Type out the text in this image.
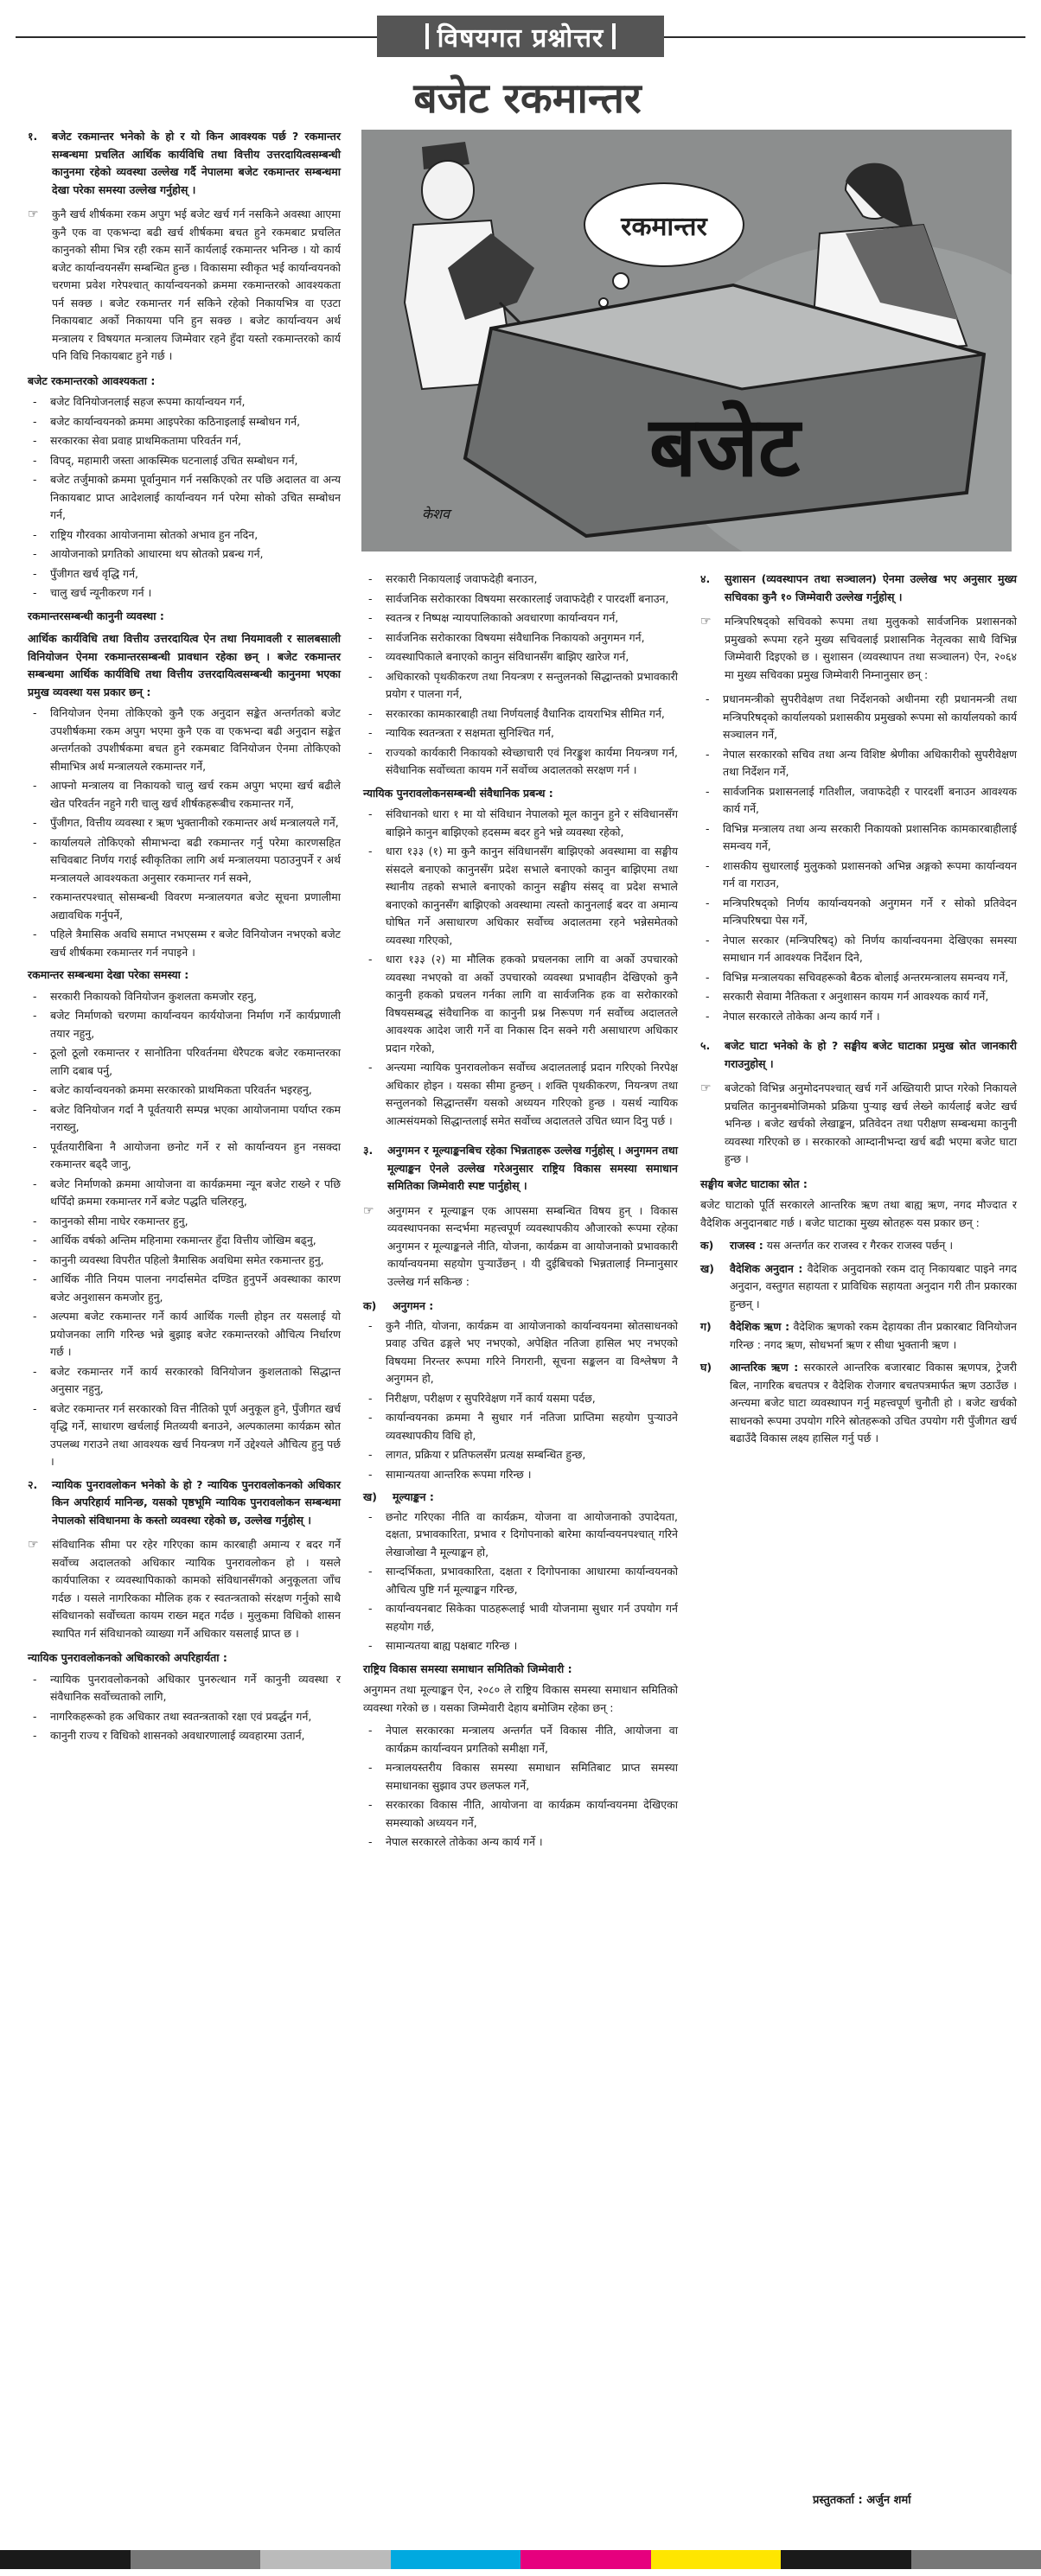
विषयगत प्रश्नोत्तर
बजेट रकमान्तर
रकमान्तर
बजेट
केशव
१.	बजेट रकमान्तर भनेको के हो र यो किन आवश्यक पर्छ ? रकमान्तर सम्बन्धमा प्रचलित आर्थिक कार्यविधि तथा वित्तीय उत्तरदायित्वसम्बन्धी कानुनमा रहेको व्यवस्था उल्लेख गर्दै नेपालमा बजेट रकमान्तर सम्बन्धमा देखा परेका समस्या उल्लेख गर्नुहोस् ।
☞	कुनै खर्च शीर्षकमा रकम अपुग भई बजेट खर्च गर्न नसकिने अवस्था आएमा कुनै एक वा एकभन्दा बढी खर्च शीर्षकमा बचत हुने रकमबाट प्रचलित कानुनको सीमा भित्र रही रकम सार्ने कार्यलाई रकमान्तर भनिन्छ । यो कार्य बजेट कार्यान्वयनसँग सम्बन्धित हुन्छ । विकासमा स्वीकृत भई कार्यान्वयनको चरणमा प्रवेश गरेपश्चात् कार्यान्वयनको क्रममा रकमान्तरको आवश्यकता पर्न सक्छ । बजेट रकमान्तर गर्न सकिने रहेको निकायभित्र वा एउटा निकायबाट अर्को निकायमा पनि हुन सक्छ । बजेट कार्यान्वयन अर्थ मन्त्रालय र विषयगत मन्त्रालय जिम्मेवार रहने हुँदा यस्तो रकमान्तरको कार्य पनि विधि निकायबाट हुने गर्छ ।
बजेट रकमान्तरको आवश्यकता :
- बजेट विनियोजनलाई सहज रूपमा कार्यान्वयन गर्न,
- बजेट कार्यान्वयनको क्रममा आइपरेका कठिनाइलाई सम्बोधन गर्न,
- सरकारका सेवा प्रवाह प्राथमिकतामा परिवर्तन गर्न,
- विपद्, महामारी जस्ता आकस्मिक घटनालाई उचित सम्बोधन गर्न,
- बजेट तर्जुमाको क्रममा पूर्वानुमान गर्न नसकिएको तर पछि अदालत वा अन्य निकायबाट प्राप्त आदेशलाई कार्यान्वयन गर्न परेमा सोको उचित सम्बोधन गर्न,
- राष्ट्रिय गौरवका आयोजनामा स्रोतको अभाव हुन नदिन,
- आयोजनाको प्रगतिको आधारमा थप स्रोतको प्रबन्ध गर्न,
- पुँजीगत खर्च वृद्धि गर्न,
- चालु खर्च न्यूनीकरण गर्न ।
रकमान्तरसम्बन्धी कानुनी व्यवस्था :
आर्थिक कार्यविधि तथा वित्तीय उत्तरदायित्व ऐन तथा नियमावली र सालबसाली विनियोजन ऐनमा रकमान्तरसम्बन्धी प्रावधान रहेका छन् । बजेट रकमान्तर सम्बन्धमा आर्थिक कार्यविधि तथा वित्तीय उत्तरदायित्वसम्बन्धी कानुनमा भएका प्रमुख व्यवस्था यस प्रकार छन् :
- विनियोजन ऐनमा तोकिएको कुनै एक अनुदान सङ्केत अन्तर्गतको बजेट उपशीर्षकमा रकम अपुग भएमा कुनै एक वा एकभन्दा बढी अनुदान सङ्केत अन्तर्गतको उपशीर्षकमा बचत हुने रकमबाट विनियोजन ऐनमा तोकिएको सीमाभित्र अर्थ मन्त्रालयले रकमान्तर गर्ने,
- आफ्नो मन्त्रालय वा निकायको चालु खर्च रकम अपुग भएमा खर्च बढीले खेत परिवर्तन नहुने गरी चालु खर्च शीर्षकहरूबीच रकमान्तर गर्ने,
- पुँजीगत, वित्तीय व्यवस्था र ऋण भुक्तानीको रकमान्तर अर्थ मन्त्रालयले गर्ने,
- कार्यालयले तोकिएको सीमाभन्दा बढी रकमान्तर गर्नु परेमा कारणसहित सचिवबाट निर्णय गराई स्वीकृतिका लागि अर्थ मन्त्रालयमा पठाउनुपर्ने र अर्थ मन्त्रालयले आवश्यकता अनुसार रकमान्तर गर्न सक्ने,
- रकमान्तरपश्चात् सोसम्बन्धी विवरण मन्त्रालयगत बजेट सूचना प्रणालीमा अद्यावधिक गर्नुपर्ने,
- पहिले त्रैमासिक अवधि समाप्त नभएसम्म र बजेट विनियोजन नभएको बजेट खर्च शीर्षकमा रकमान्तर गर्न नपाइने ।
रकमान्तर सम्बन्धमा देखा परेका समस्या :
- सरकारी निकायको विनियोजन कुशलता कमजोर रहनु,
- बजेट निर्माणको चरणमा कार्यान्वयन कार्ययोजना निर्माण गर्ने कार्यप्रणाली तयार नहुनु,
- ठूलो ठूलो रकमान्तर र सानोतिना परिवर्तनमा धेरैपटक बजेट रकमान्तरका लागि दबाब पर्नु,
- बजेट कार्यान्वयनको क्रममा सरकारको प्राथमिकता परिवर्तन भइरहनु,
- बजेट विनियोजन गर्दा नै पूर्वतयारी सम्पन्न भएका आयोजनामा पर्याप्त रकम नराख्नु,
- पूर्वतयारीबिना नै आयोजना छनोट गर्ने र सो कार्यान्वयन हुन नसक्दा रकमान्तर बढ्दै जानु,
- बजेट निर्माणको क्रममा आयोजना वा कार्यक्रममा न्यून बजेट राख्ने र पछि थपिँदो क्रममा रकमान्तर गर्ने बजेट पद्धति चलिरहनु,
- कानुनको सीमा नाघेर रकमान्तर हुनु,
- आर्थिक वर्षको अन्तिम महिनामा रकमान्तर हुँदा वित्तीय जोखिम बढ्नु,
- कानुनी व्यवस्था विपरीत पहिलो त्रैमासिक अवधिमा समेत रकमान्तर हुनु,
- आर्थिक नीति नियम पालना नगर्दासमेत दण्डित हुनुपर्ने अवस्थाका कारण बजेट अनुशासन कमजोर हुनु,
- अल्पमा बजेट रकमान्तर गर्ने कार्य आर्थिक गल्ती होइन तर यसलाई यो प्रयोजनका लागि गरिन्छ भन्ने बुझाइ बजेट रकमान्तरको औचित्य निर्धारण गर्छ ।
- बजेट रकमान्तर गर्ने कार्य सरकारको विनियोजन कुशलताको सिद्धान्त अनुसार नहुनु,
- बजेट रकमान्तर गर्न सरकारको वित्त नीतिको पूर्ण अनुकूल हुने, पुँजीगत खर्च वृद्धि गर्ने, साधारण खर्चलाई मितव्ययी बनाउने, अल्पकालमा कार्यक्रम स्रोत उपलब्ध गराउने तथा आवश्यक खर्च नियन्त्रण गर्ने उद्देश्यले औचित्य हुनु पर्छ ।
२.	न्यायिक पुनरावलोकन भनेको के हो ? न्यायिक पुनरावलोकनको अधिकार किन अपरिहार्य मानिन्छ, यसको पृष्ठभूमि न्यायिक पुनरावलोकन सम्बन्धमा नेपालको संविधानमा के कस्तो व्यवस्था रहेको छ, उल्लेख गर्नुहोस् ।
☞	संविधानिक सीमा पर रहेर गरिएका काम कारबाही अमान्य र बदर गर्ने सर्वोच्च अदालतको अधिकार न्यायिक पुनरावलोकन हो । यसले कार्यपालिका र व्यवस्थापिकाको कामको संविधानसँगको अनुकूलता जाँच गर्दछ । यसले नागरिकका मौलिक हक र स्वतन्त्रताको संरक्षण गर्नुको साथै संविधानको सर्वोच्चता कायम राख्न मद्दत गर्दछ । मुलुकमा विधिको शासन स्थापित गर्न संविधानको व्याख्या गर्ने अधिकार यसलाई प्राप्त छ ।
न्यायिक पुनरावलोकनको अधिकारको अपरिहार्यता :
- न्यायिक पुनरावलोकनको अधिकार पुनरुत्थान गर्ने कानुनी व्यवस्था र संवैधानिक सर्वोच्चताको लागि,
- नागरिकहरूको हक अधिकार तथा स्वतन्त्रताको रक्षा एवं प्रवर्द्धन गर्न,
- कानुनी राज्य र विधिको शासनको अवधारणालाई व्यवहारमा उतार्न,
- सरकारी निकायलाई जवाफदेही बनाउन,
- सार्वजनिक सरोकारका विषयमा सरकारलाई जवाफदेही र पारदर्शी बनाउन,
- स्वतन्त्र र निष्पक्ष न्यायपालिकाको अवधारणा कार्यान्वयन गर्न,
- सार्वजनिक सरोकारका विषयमा संवैधानिक निकायको अनुगमन गर्न,
- व्यवस्थापिकाले बनाएको कानुन संविधानसँग बाझिए खारेज गर्न,
- अधिकारको पृथकीकरण तथा नियन्त्रण र सन्तुलनको सिद्धान्तको प्रभावकारी प्रयोग र पालना गर्न,
- सरकारका कामकारबाही तथा निर्णयलाई वैधानिक दायराभित्र सीमित गर्न,
- न्यायिक स्वतन्त्रता र सक्षमता सुनिश्चित गर्न,
- राज्यको कार्यकारी निकायको स्वेच्छाचारी एवं निरङ्कुश कार्यमा नियन्त्रण गर्न, संवैधानिक सर्वोच्चता कायम गर्ने सर्वोच्च अदालतको सरक्षण गर्न ।
न्यायिक पुनरावलोकनसम्बन्धी संवैधानिक प्रबन्ध :
- संविधानको धारा १ मा यो संविधान नेपालको मूल कानुन हुने र संविधानसँग बाझिने कानुन बाझिएको हदसम्म बदर हुने भन्ने व्यवस्था रहेको,
- धारा १३३ (१) मा कुनै कानुन संविधानसँग बाझिएको अवस्थामा वा सङ्घीय संसदले बनाएको कानुनसँग प्रदेश सभाले बनाएको कानुन बाझिएमा तथा स्थानीय तहको सभाले बनाएको कानुन सङ्घीय संसद् वा प्रदेश सभाले बनाएको कानुनसँग बाझिएको अवस्थामा त्यस्तो कानुनलाई बदर वा अमान्य घोषित गर्ने असाधारण अधिकार सर्वोच्च अदालतमा रहने भन्नेसमेतको व्यवस्था गरिएको,
- धारा १३३ (२) मा मौलिक हकको प्रचलनका लागि वा अर्को उपचारको व्यवस्था नभएको वा अर्को उपचारको व्यवस्था प्रभावहीन देखिएको कुनै कानुनी हकको प्रचलन गर्नका लागि वा सार्वजनिक हक वा सरोकारको विषयसम्बद्ध संवैधानिक वा कानुनी प्रश्न निरूपण गर्न सर्वोच्च अदालतले आवश्यक आदेश जारी गर्ने वा निकास दिन सक्ने गरी असाधारण अधिकार प्रदान गरेको,
- अन्त्यमा न्यायिक पुनरावलोकन सर्वोच्च अदालतलाई प्रदान गरिएको निरपेक्ष अधिकार होइन । यसका सीमा हुन्छन् । शक्ति पृथकीकरण, नियन्त्रण तथा सन्तुलनको सिद्धान्तसँग यसको अध्ययन गरिएको हुन्छ । यसर्थ न्यायिक आत्मसंयमको सिद्धान्तलाई समेत सर्वोच्च अदालतले उचित ध्यान दिनु पर्छ ।
३.	अनुगमन र मूल्याङ्कनबिच रहेका भिन्नताहरू उल्लेख गर्नुहोस् । अनुगमन तथा मूल्याङ्कन ऐनले उल्लेख गरेअनुसार राष्ट्रिय विकास समस्या समाधान समितिका जिम्मेवारी स्पष्ट पार्नुहोस् ।
☞	अनुगमन र मूल्याङ्कन एक आपसमा सम्बन्धित विषय हुन् । विकास व्यवस्थापनका सन्दर्भमा महत्त्वपूर्ण व्यवस्थापकीय औजारको रूपमा रहेका अनुगमन र मूल्याङ्कनले नीति, योजना, कार्यक्रम वा आयोजनाको प्रभावकारी कार्यान्वयनमा सहयोग पुर्‍याउँछन् । यी दुईबिचको भिन्नतालाई निम्नानुसार उल्लेख गर्न सकिन्छ :
क)	अनुगमन :
- कुनै नीति, योजना, कार्यक्रम वा आयोजनाको कार्यान्वयनमा स्रोतसाधनको प्रवाह उचित ढङ्गले भए नभएको, अपेक्षित नतिजा हासिल भए नभएको विषयमा निरन्तर रूपमा गरिने निगरानी, सूचना सङ्कलन वा विश्लेषण नै अनुगमन हो,
- निरीक्षण, परीक्षण र सुपरिवेक्षण गर्ने कार्य यसमा पर्दछ,
- कार्यान्वयनका क्रममा नै सुधार गर्न नतिजा प्राप्तिमा सहयोग पुर्‍याउने व्यवस्थापकीय विधि हो,
- लागत, प्रक्रिया र प्रतिफलसँग प्रत्यक्ष सम्बन्धित हुन्छ,
- सामान्यतया आन्तरिक रूपमा गरिन्छ ।
ख)	मूल्याङ्कन :
- छनोट गरिएका नीति वा कार्यक्रम, योजना वा आयोजनाको उपादेयता, दक्षता, प्रभावकारिता, प्रभाव र दिगोपनाको बारेमा कार्यान्वयनपश्चात् गरिने लेखाजोखा नै मूल्याङ्कन हो,
- सान्दर्भिकता, प्रभावकारिता, दक्षता र दिगोपनाका आधारमा कार्यान्वयनको औचित्य पुष्टि गर्न मूल्याङ्कन गरिन्छ,
- कार्यान्वयनबाट सिकेका पाठहरूलाई भावी योजनामा सुधार गर्न उपयोग गर्न सहयोग गर्छ,
- सामान्यतया बाह्य पक्षबाट गरिन्छ ।
राष्ट्रिय विकास समस्या समाधान समितिको जिम्मेवारी :
अनुगमन तथा मूल्याङ्कन ऐन, २०८० ले राष्ट्रिय विकास समस्या समाधान समितिको व्यवस्था गरेको छ । यसका जिम्मेवारी देहाय बमोजिम रहेका छन् :
- नेपाल सरकारका मन्त्रालय अन्तर्गत पर्ने विकास नीति, आयोजना वा कार्यक्रम कार्यान्वयन प्रगतिको समीक्षा गर्ने,
- मन्त्रालयस्तरीय विकास समस्या समाधान समितिबाट प्राप्त समस्या समाधानका सुझाव उपर छलफल गर्ने,
- सरकारका विकास नीति, आयोजना वा कार्यक्रम कार्यान्वयनमा देखिएका समस्याको अध्ययन गर्ने,
- नेपाल सरकारले तोकेका अन्य कार्य गर्ने ।
४.	सुशासन (व्यवस्थापन तथा सञ्चालन) ऐनमा उल्लेख भए अनुसार मुख्य सचिवका कुनै १० जिम्मेवारी उल्लेख गर्नुहोस् ।
☞	मन्त्रिपरिषद्को सचिवको रूपमा तथा मुलुकको सार्वजनिक प्रशासनको प्रमुखको रूपमा रहने मुख्य सचिवलाई प्रशासनिक नेतृत्वका साथै विभिन्न जिम्मेवारी दिइएको छ । सुशासन (व्यवस्थापन तथा सञ्चालन) ऐन, २०६४ मा मुख्य सचिवका प्रमुख जिम्मेवारी निम्नानुसार छन् :
- प्रधानमन्त्रीको सुपरीवेक्षण तथा निर्देशनको अधीनमा रही प्रधानमन्त्री तथा मन्त्रिपरिषद्को कार्यालयको प्रशासकीय प्रमुखको रूपमा सो कार्यालयको कार्य सञ्चालन गर्ने,
- नेपाल सरकारको सचिव तथा अन्य विशिष्ट श्रेणीका अधिकारीको सुपरीवेक्षण तथा निर्देशन गर्ने,
- सार्वजनिक प्रशासनलाई गतिशील, जवाफदेही र पारदर्शी बनाउन आवश्यक कार्य गर्ने,
- विभिन्न मन्त्रालय तथा अन्य सरकारी निकायको प्रशासनिक कामकारबाहीलाई समन्वय गर्ने,
- शासकीय सुधारलाई मुलुकको प्रशासनको अभिन्न अङ्गको रूपमा कार्यान्वयन गर्न वा गराउन,
- मन्त्रिपरिषद्को निर्णय कार्यान्वयनको अनुगमन गर्ने र सोको प्रतिवेदन मन्त्रिपरिषद्मा पेस गर्ने,
- नेपाल सरकार (मन्त्रिपरिषद्) को निर्णय कार्यान्वयनमा देखिएका समस्या समाधान गर्न आवश्यक निर्देशन दिने,
- विभिन्न मन्त्रालयका सचिवहरूको बैठक बोलाई अन्तरमन्त्रालय समन्वय गर्ने,
- सरकारी सेवामा नैतिकता र अनुशासन कायम गर्न आवश्यक कार्य गर्ने,
- नेपाल सरकारले तोकेका अन्य कार्य गर्ने ।
५.	बजेट घाटा भनेको के हो ? सङ्घीय बजेट घाटाका प्रमुख स्रोत जानकारी गराउनुहोस् ।
☞	बजेटको विभिन्न अनुमोदनपश्चात् खर्च गर्ने अख्तियारी प्राप्त गरेको निकायले प्रचलित कानुनबमोजिमको प्रक्रिया पुर्‍याइ खर्च लेख्ने कार्यलाई बजेट खर्च भनिन्छ । बजेट खर्चको लेखाङ्कन, प्रतिवेदन तथा परीक्षण सम्बन्धमा कानुनी व्यवस्था गरिएको छ । सरकारको आम्दानीभन्दा खर्च बढी भएमा बजेट घाटा हुन्छ ।
सङ्घीय बजेट घाटाका स्रोत :
बजेट घाटाको पूर्ति सरकारले आन्तरिक ऋण तथा बाह्य ऋण, नगद मौज्दात र वैदेशिक अनुदानबाट गर्छ । बजेट घाटाका मुख्य स्रोतहरू यस प्रकार छन् :
क)	राजस्व : यस अन्तर्गत कर राजस्व र गैरकर राजस्व पर्छन् ।
ख)	वैदेशिक अनुदान : वैदेशिक अनुदानको रकम दातृ निकायबाट पाइने नगद अनुदान, वस्तुगत सहायता र प्राविधिक सहायता अनुदान गरी तीन प्रकारका हुन्छन् ।
ग)	वैदेशिक ऋण : वैदेशिक ऋणको रकम देहायका तीन प्रकारबाट विनियोजन गरिन्छ : नगद ऋण, सोधभर्ना ऋण र सीधा भुक्तानी ऋण ।
घ)	आन्तरिक ऋण : सरकारले आन्तरिक बजारबाट विकास ऋणपत्र, ट्रेजरी बिल, नागरिक बचतपत्र र वैदेशिक रोजगार बचतपत्रमार्फत ऋण उठाउँछ । अन्त्यमा बजेट घाटा व्यवस्थापन गर्नु महत्त्वपूर्ण चुनौती हो । बजेट खर्चको साधनको रूपमा उपयोग गरिने स्रोतहरूको उचित उपयोग गरी पुँजीगत खर्च बढाउँदै विकास लक्ष्य हासिल गर्नु पर्छ ।
प्रस्तुतकर्ता : अर्जुन शर्मा
